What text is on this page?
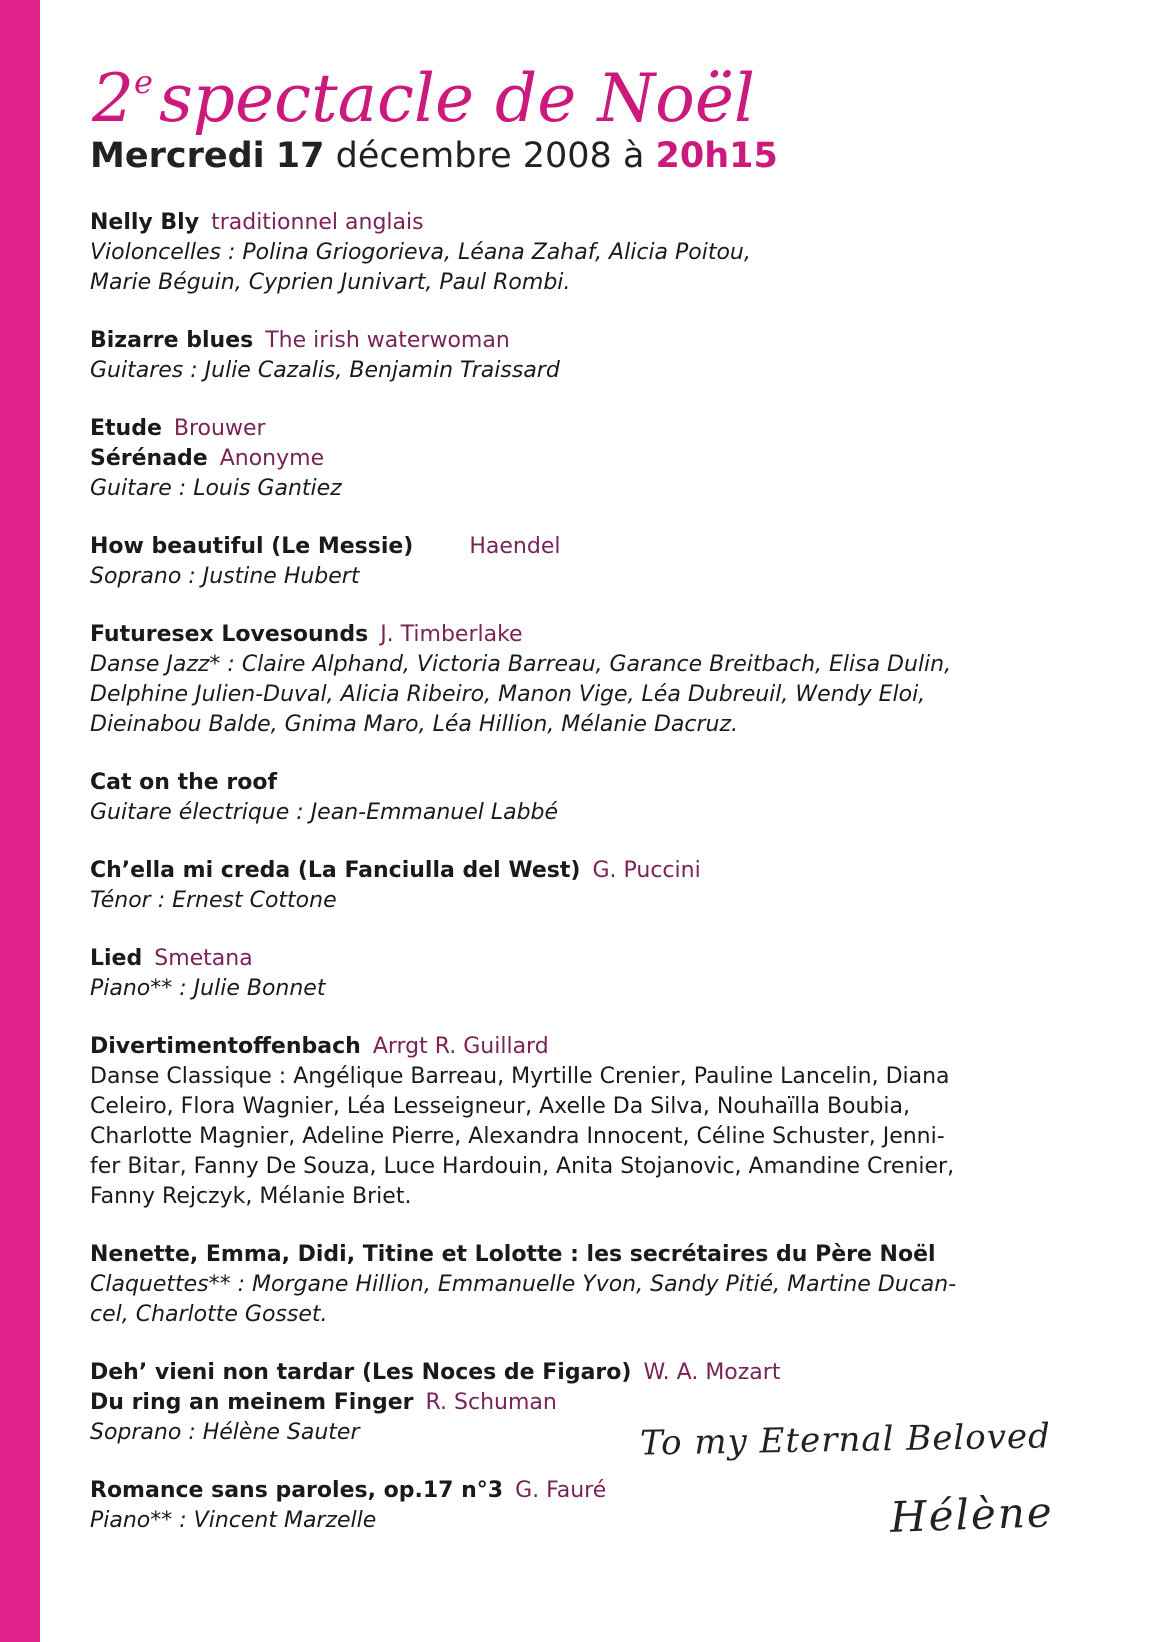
2espectacle de Noël

Mercredi 17 décembre 2008 à 20h15

Nelly Bly traditionnel anglais
Violoncelles : Polina Griogorieva, Léana Zahaf, Alicia Poitou,
Marie Béguin, Cyprien Junivart, Paul Rombi.
Bizarre blues The irish waterwoman
Guitares : Julie Cazalis, Benjamin Traissard
Etude Brouwer
Sérénade Anonyme
Guitare : Louis Gantiez
How beautiful (Le Messie)	Haendel
Soprano : Justine Hubert
Futuresex Lovesounds J. Timberlake
Danse Jazz* : Claire Alphand, Victoria Barreau, Garance Breitbach, Elisa Dulin,
Delphine Julien-Duval, Alicia Ribeiro, Manon Vige, Léa Dubreuil, Wendy Eloi,
Dieinabou Balde, Gnima Maro, Léa Hillion, Mélanie Dacruz.
Cat on the roof
Guitare électrique : Jean-Emmanuel Labbé
Ch’ella mi creda (La Fanciulla del West) G. Puccini
Ténor : Ernest Cottone
Lied Smetana
Piano** : Julie Bonnet
Divertimentoffenbach Arrgt R. Guillard
Danse Classique : Angélique Barreau, Myrtille Crenier, Pauline Lancelin, Diana
Celeiro, Flora Wagnier, Léa Lesseigneur, Axelle Da Silva, Nouhaïlla Boubia,
Charlotte Magnier, Adeline Pierre, Alexandra Innocent, Céline Schuster, Jenni-
fer Bitar, Fanny De Souza, Luce Hardouin, Anita Stojanovic, Amandine Crenier,
Fanny Rejczyk, Mélanie Briet.
Nenette, Emma, Didi, Titine et Lolotte : les secrétaires du Père Noël
Claquettes** : Morgane Hillion, Emmanuelle Yvon, Sandy Pitié, Martine Ducan-
cel, Charlotte Gosset.
Deh’ vieni non tardar (Les Noces de Figaro) W. A. Mozart
Du ring an meinem Finger R. Schuman
Soprano : Hélène Sauter
Romance sans paroles, op.17 n°3 G. Fauré
Piano** : Vincent Marzelle
To my Eternal Beloved
Hélène
